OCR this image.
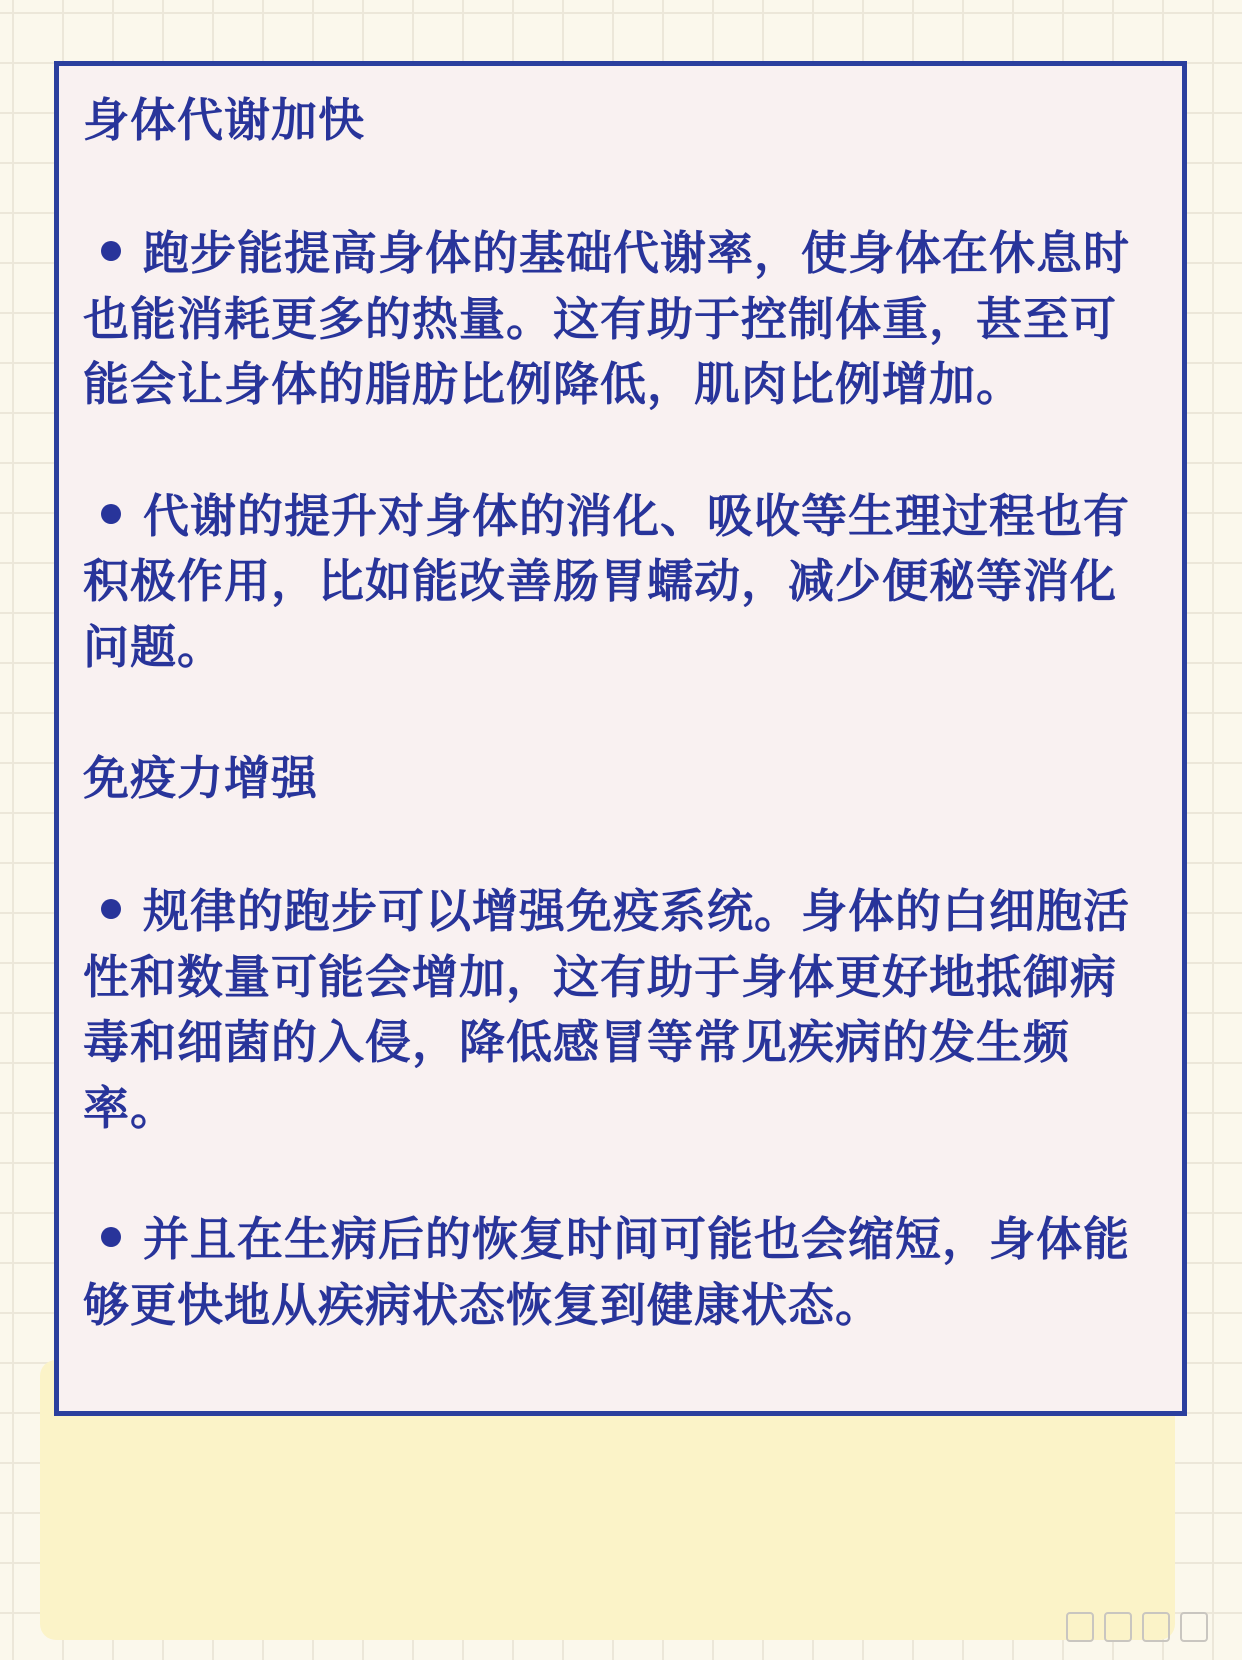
身体代谢加快

跑步能提高身体的基础代谢率，使身体在休息时也能消耗更多的热量。这有助于控制体重，甚至可能会让身体的脂肪比例降低，肌肉比例增加。

代谢的提升对身体的消化、吸收等生理过程也有积极作用，比如能改善肠胃蠕动，减少便秘等消化问题。

免疫力增强

规律的跑步可以增强免疫系统。身体的白细胞活性和数量可能会增加，这有助于身体更好地抵御病毒和细菌的入侵，降低感冒等常见疾病的发生频率。

并且在生病后的恢复时间可能也会缩短，身体能够更快地从疾病状态恢复到健康状态。
